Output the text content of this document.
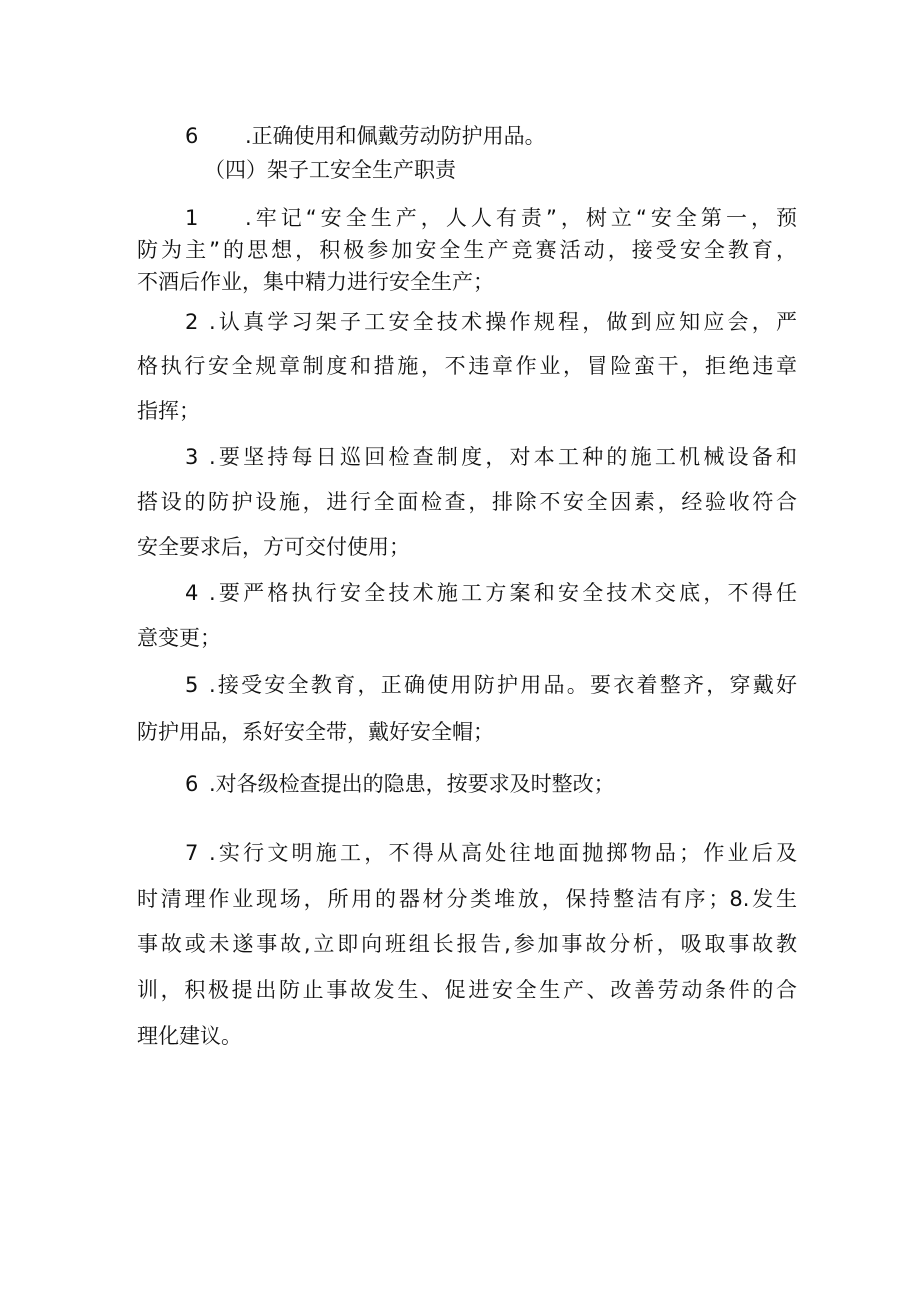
6 .正确使用和佩戴劳动防护用品。
（四）架子工安全生产职责
1 .牢记“安全生产，人人有责”，树立“安全第一，预
防为主”的思想，积极参加安全生产竞赛活动，接受安全教育，
不酒后作业，集中精力进行安全生产；
2 .认真学习架子工安全技术操作规程，做到应知应会，严
格执行安全规章制度和措施，不违章作业，冒险蛮干，拒绝违章
指挥；
3 .要坚持每日巡回检查制度，对本工种的施工机械设备和
搭设的防护设施，进行全面检查，排除不安全因素，经验收符合
安全要求后，方可交付使用；
4 .要严格执行安全技术施工方案和安全技术交底，不得任
意变更；
5 .接受安全教育，正确使用防护用品。要衣着整齐，穿戴好
防护用品，系好安全带，戴好安全帽；
6 .对各级检查提出的隐患，按要求及时整改；
7 .实行文明施工，不得从高处往地面抛掷物品；作业后及
时清理作业现场，所用的器材分类堆放，保持整洁有序；8.发生
事故或未遂事故,立即向班组长报告,参加事故分析，吸取事故教
训，积极提出防止事故发生、促进安全生产、改善劳动条件的合
理化建议。
